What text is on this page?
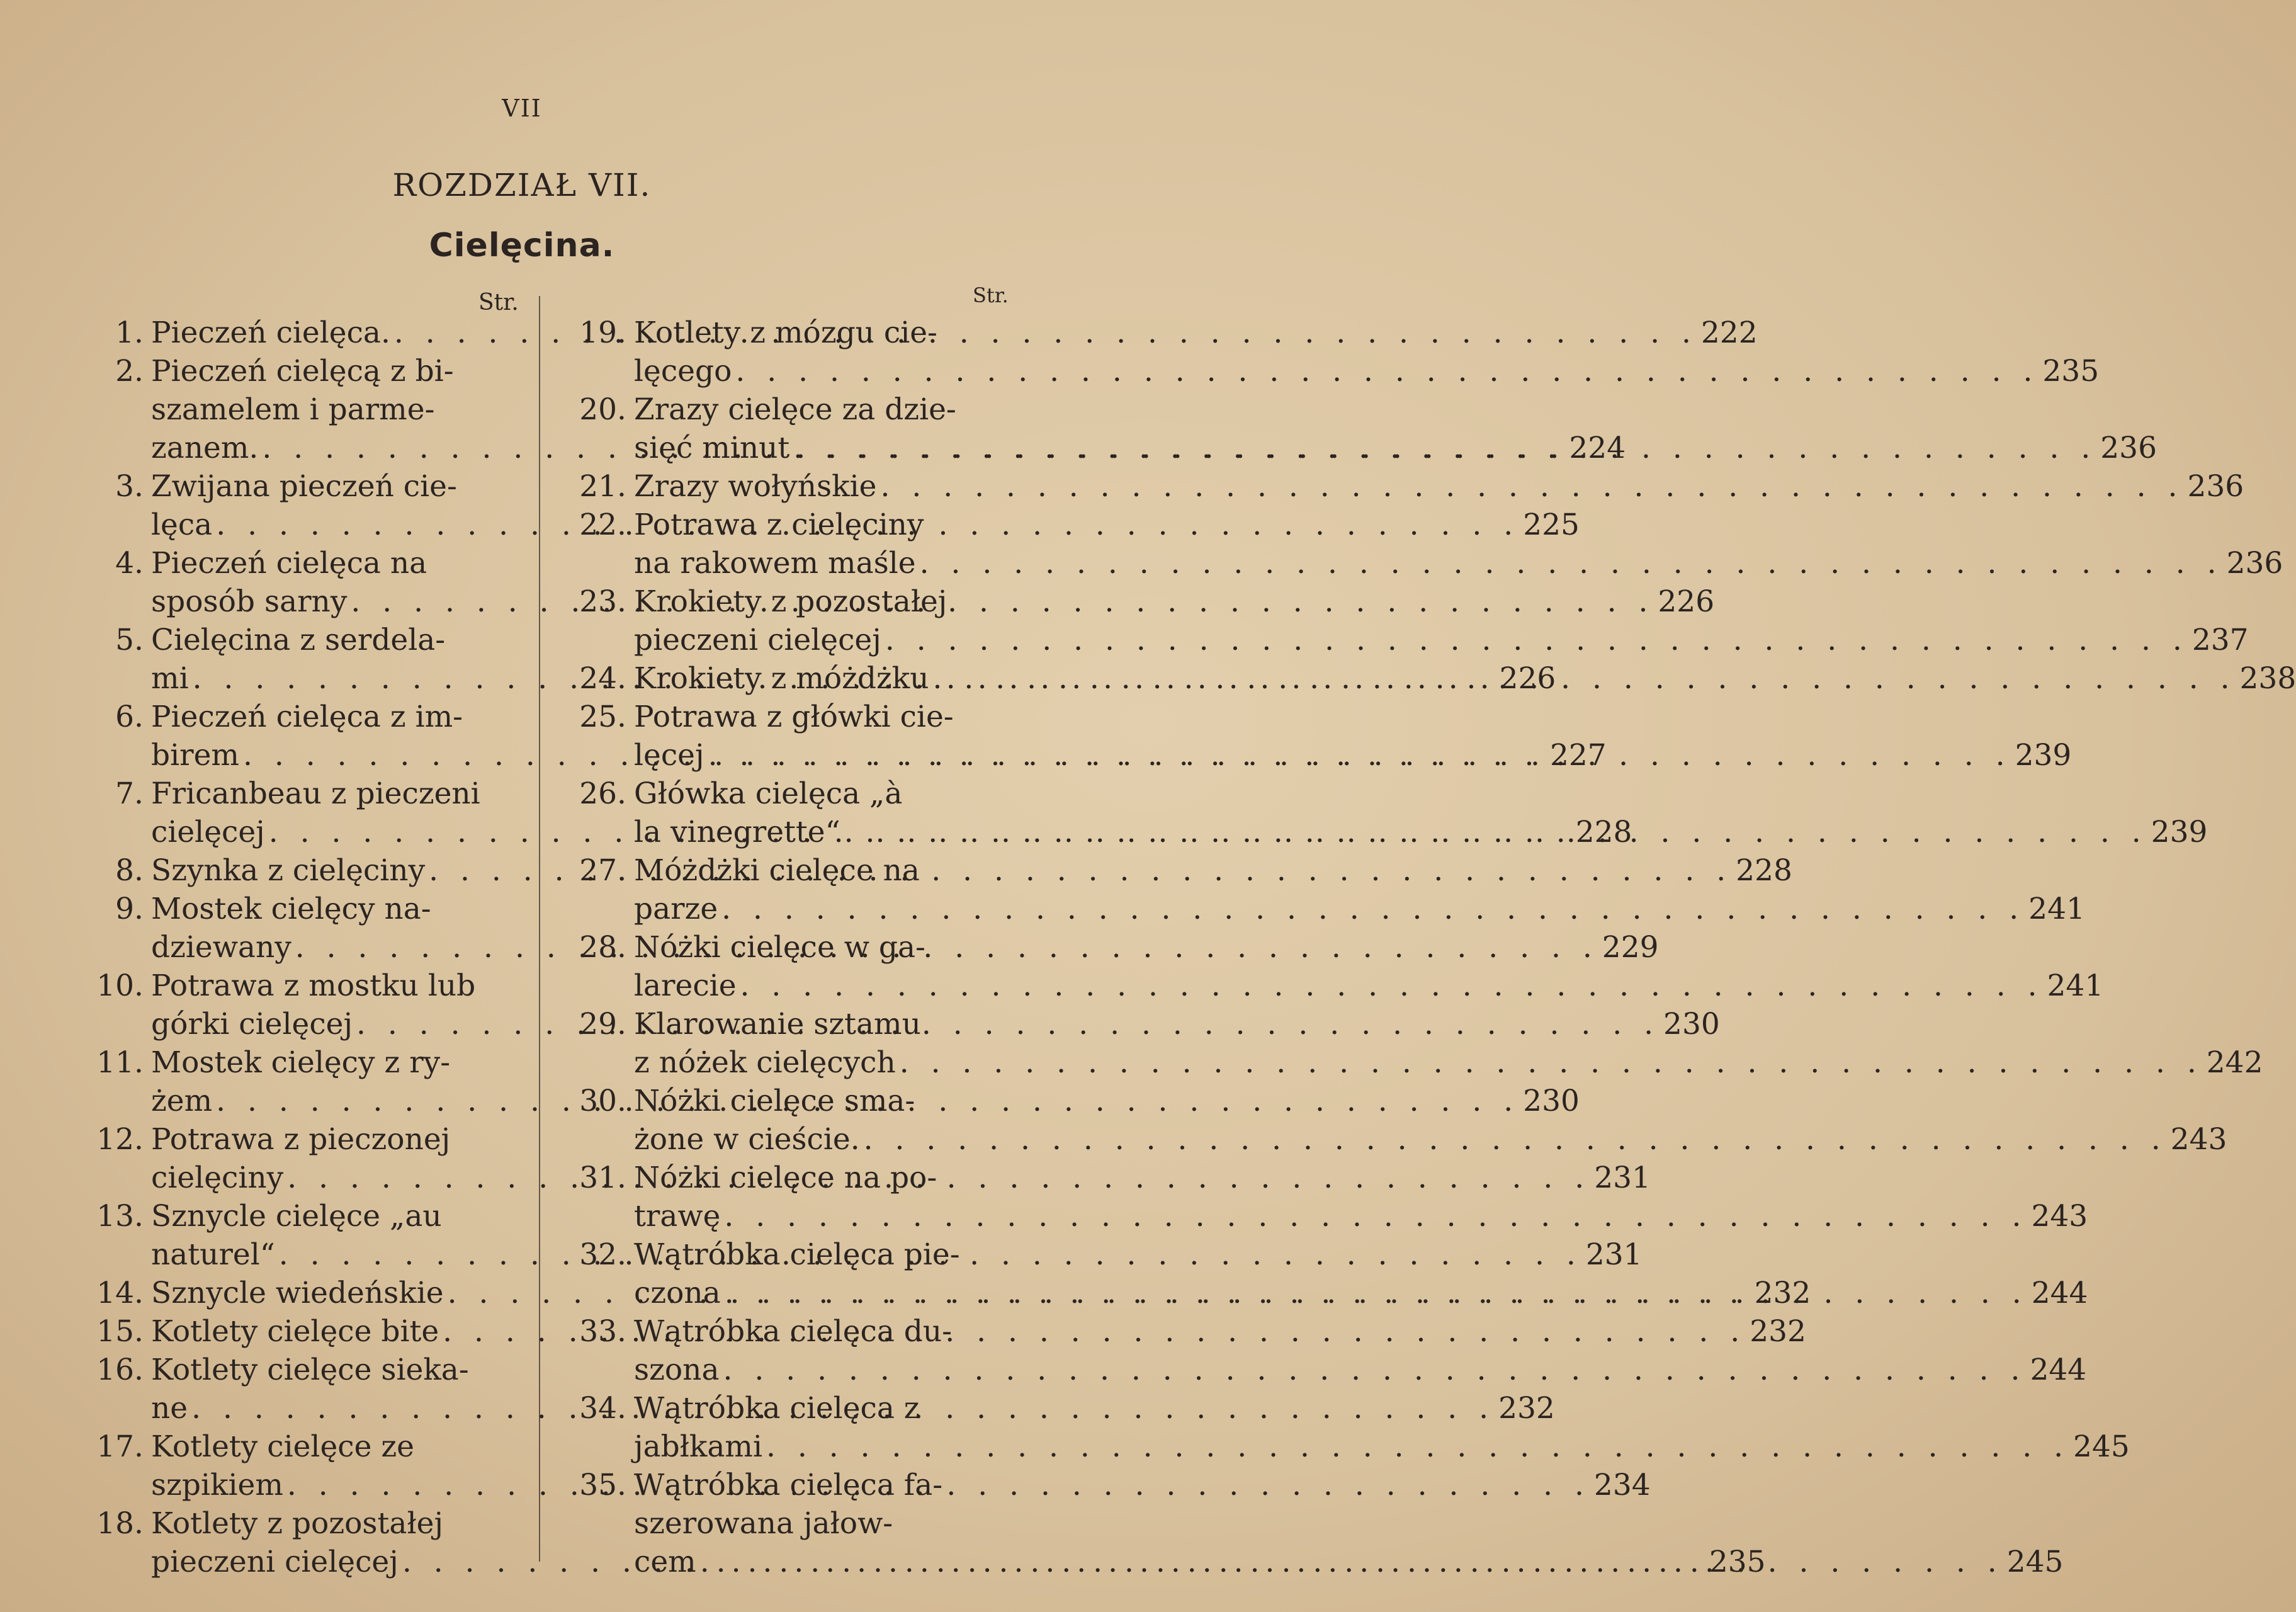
VII
ROZDZIAŁ VII.
Cielęcina.
Str.	Str.
1. Pieczeń cielęca. . . .	222
2. Pieczeń cielęcą z bi-
szamelem i parme-
zanem. . . .	224
3. Zwijana pieczeń cie-
lęca . . .	225
4. Pieczeń cielęca na
sposób sarny . . .	226
5. Cielęcina z serdela-
mi . . .	226
6. Pieczeń cielęca z im-
birem . . .	227
7. Fricanbeau z pieczeni
cielęcej . . .	228
8. Szynka z cielęciny . . .	228
9. Mostek cielęcy na-
dziewany . . .	229
10. Potrawa z mostku lub
górki cielęcej . . .	230
11. Mostek cielęcy z ry-
żem . . .	230
12. Potrawa z pieczonej
cielęciny . . .	231
13. Sznycle cielęce „au
naturel“ . . .	231
14. Sznycle wiedeńskie . . .	232
15. Kotlety cielęce bite . . .	232
16. Kotlety cielęce sieka-
ne . . .	232
17. Kotlety cielęce ze
szpikiem . . .	234
18. Kotlety z pozostałej
pieczeni cielęcej . . .	235
19. Kotlety z mózgu cie-
lęcego . . .	235
20. Zrazy cielęce za dzie-
sięć minut . . .	236
21. Zrazy wołyńskie . . .	236
22. Potrawa z cielęciny
na rakowem maśle . . .	236
23. Krokiety z pozostałej
pieczeni cielęcej . . .	237
24. Krokiety z móżdżku . . .	238
25. Potrawa z główki cie-
lęcej . . .	239
26. Główka cielęca „à
la vinegrette“ . . .	239
27. Móżdżki cielęce na
parze . . .	241
28. Nóżki cielęce w ga-
larecie . . .	241
29. Klarowanie sztamu
z nóżek cielęcych . . .	242
30. Nóżki cielęce sma-
żone w cieście. . . .	243
31. Nóżki cielęce na po-
trawę . . .	243
32. Wątróbka cielęca pie-
czona . . .	244
33. Wątróbka cielęca du-
szona . . .	244
34. Wątróbka cielęca z
jabłkami . . .	245
35. Wątróbka cielęca fa-
szerowana jałow-
cem . . .	245
